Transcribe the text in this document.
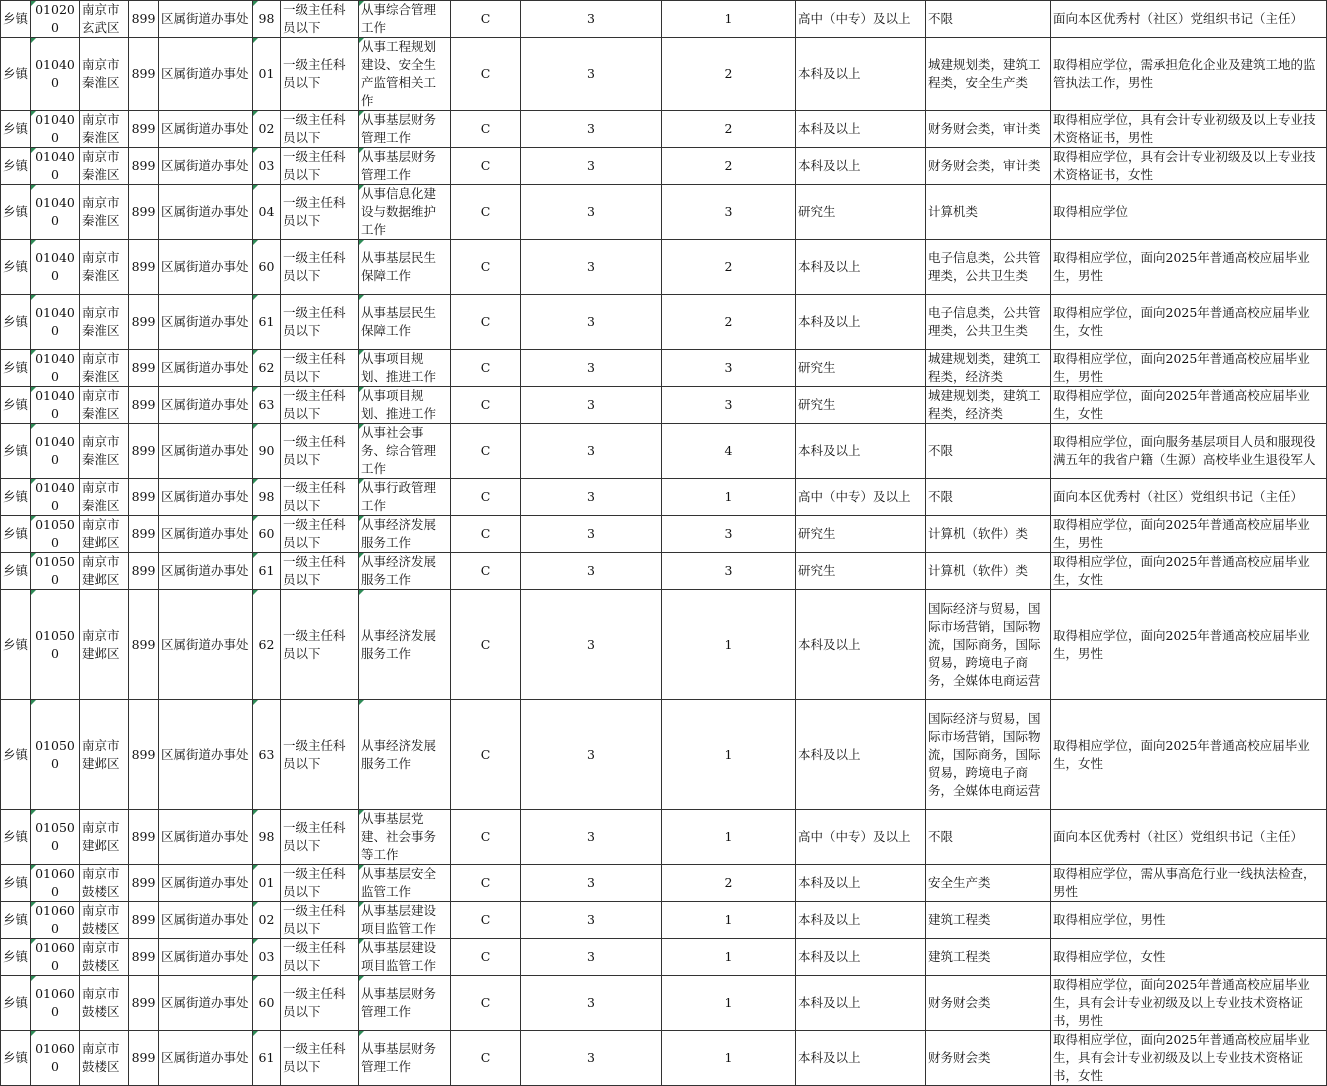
乡镇	010200	南京市玄武区	899	区属街道办事处	98	一级主任科员以下	从事综合管理工作	C	3	1	高中（中专）及以上	不限	面向本区优秀村（社区）党组织书记（主任）
乡镇	010400	南京市秦淮区	899	区属街道办事处	01	一级主任科员以下	从事工程规划建设、安全生产监管相关工作	C	3	2	本科及以上	城建规划类，建筑工程类，安全生产类	取得相应学位，需承担危化企业及建筑工地的监管执法工作，男性
乡镇	010400	南京市秦淮区	899	区属街道办事处	02	一级主任科员以下	从事基层财务管理工作	C	3	2	本科及以上	财务财会类，审计类	取得相应学位，具有会计专业初级及以上专业技术资格证书，男性
乡镇	010400	南京市秦淮区	899	区属街道办事处	03	一级主任科员以下	从事基层财务管理工作	C	3	2	本科及以上	财务财会类，审计类	取得相应学位，具有会计专业初级及以上专业技术资格证书，女性
乡镇	010400	南京市秦淮区	899	区属街道办事处	04	一级主任科员以下	从事信息化建设与数据维护工作	C	3	3	研究生	计算机类	取得相应学位
乡镇	010400	南京市秦淮区	899	区属街道办事处	60	一级主任科员以下	从事基层民生保障工作	C	3	2	本科及以上	电子信息类，公共管理类，公共卫生类	取得相应学位，面向2025年普通高校应届毕业生，男性
乡镇	010400	南京市秦淮区	899	区属街道办事处	61	一级主任科员以下	从事基层民生保障工作	C	3	2	本科及以上	电子信息类，公共管理类，公共卫生类	取得相应学位，面向2025年普通高校应届毕业生，女性
乡镇	010400	南京市秦淮区	899	区属街道办事处	62	一级主任科员以下	从事项目规划、推进工作	C	3	3	研究生	城建规划类，建筑工程类，经济类	取得相应学位，面向2025年普通高校应届毕业生，男性
乡镇	010400	南京市秦淮区	899	区属街道办事处	63	一级主任科员以下	从事项目规划、推进工作	C	3	3	研究生	城建规划类，建筑工程类，经济类	取得相应学位，面向2025年普通高校应届毕业生，女性
乡镇	010400	南京市秦淮区	899	区属街道办事处	90	一级主任科员以下	从事社会事务、综合管理工作	C	3	4	本科及以上	不限	取得相应学位，面向服务基层项目人员和服现役满五年的我省户籍（生源）高校毕业生退役军人
乡镇	010400	南京市秦淮区	899	区属街道办事处	98	一级主任科员以下	从事行政管理工作	C	3	1	高中（中专）及以上	不限	面向本区优秀村（社区）党组织书记（主任）
乡镇	010500	南京市建邺区	899	区属街道办事处	60	一级主任科员以下	从事经济发展服务工作	C	3	3	研究生	计算机（软件）类	取得相应学位，面向2025年普通高校应届毕业生，男性
乡镇	010500	南京市建邺区	899	区属街道办事处	61	一级主任科员以下	从事经济发展服务工作	C	3	3	研究生	计算机（软件）类	取得相应学位，面向2025年普通高校应届毕业生，女性
乡镇	010500	南京市建邺区	899	区属街道办事处	62	一级主任科员以下	从事经济发展服务工作	C	3	1	本科及以上	国际经济与贸易，国际市场营销，国际物流，国际商务，国际贸易，跨境电子商务，全媒体电商运营	取得相应学位，面向2025年普通高校应届毕业生，男性
乡镇	010500	南京市建邺区	899	区属街道办事处	63	一级主任科员以下	从事经济发展服务工作	C	3	1	本科及以上	国际经济与贸易，国际市场营销，国际物流，国际商务，国际贸易，跨境电子商务，全媒体电商运营	取得相应学位，面向2025年普通高校应届毕业生，女性
乡镇	010500	南京市建邺区	899	区属街道办事处	98	一级主任科员以下	从事基层党建、社会事务等工作	C	3	1	高中（中专）及以上	不限	面向本区优秀村（社区）党组织书记（主任）
乡镇	010600	南京市鼓楼区	899	区属街道办事处	01	一级主任科员以下	从事基层安全监管工作	C	3	2	本科及以上	安全生产类	取得相应学位，需从事高危行业一线执法检查，男性
乡镇	010600	南京市鼓楼区	899	区属街道办事处	02	一级主任科员以下	从事基层建设项目监管工作	C	3	1	本科及以上	建筑工程类	取得相应学位，男性
乡镇	010600	南京市鼓楼区	899	区属街道办事处	03	一级主任科员以下	从事基层建设项目监管工作	C	3	1	本科及以上	建筑工程类	取得相应学位，女性
乡镇	010600	南京市鼓楼区	899	区属街道办事处	60	一级主任科员以下	从事基层财务管理工作	C	3	1	本科及以上	财务财会类	取得相应学位，面向2025年普通高校应届毕业生，具有会计专业初级及以上专业技术资格证书，男性
乡镇	010600	南京市鼓楼区	899	区属街道办事处	61	一级主任科员以下	从事基层财务管理工作	C	3	1	本科及以上	财务财会类	取得相应学位，面向2025年普通高校应届毕业生，具有会计专业初级及以上专业技术资格证书，女性
